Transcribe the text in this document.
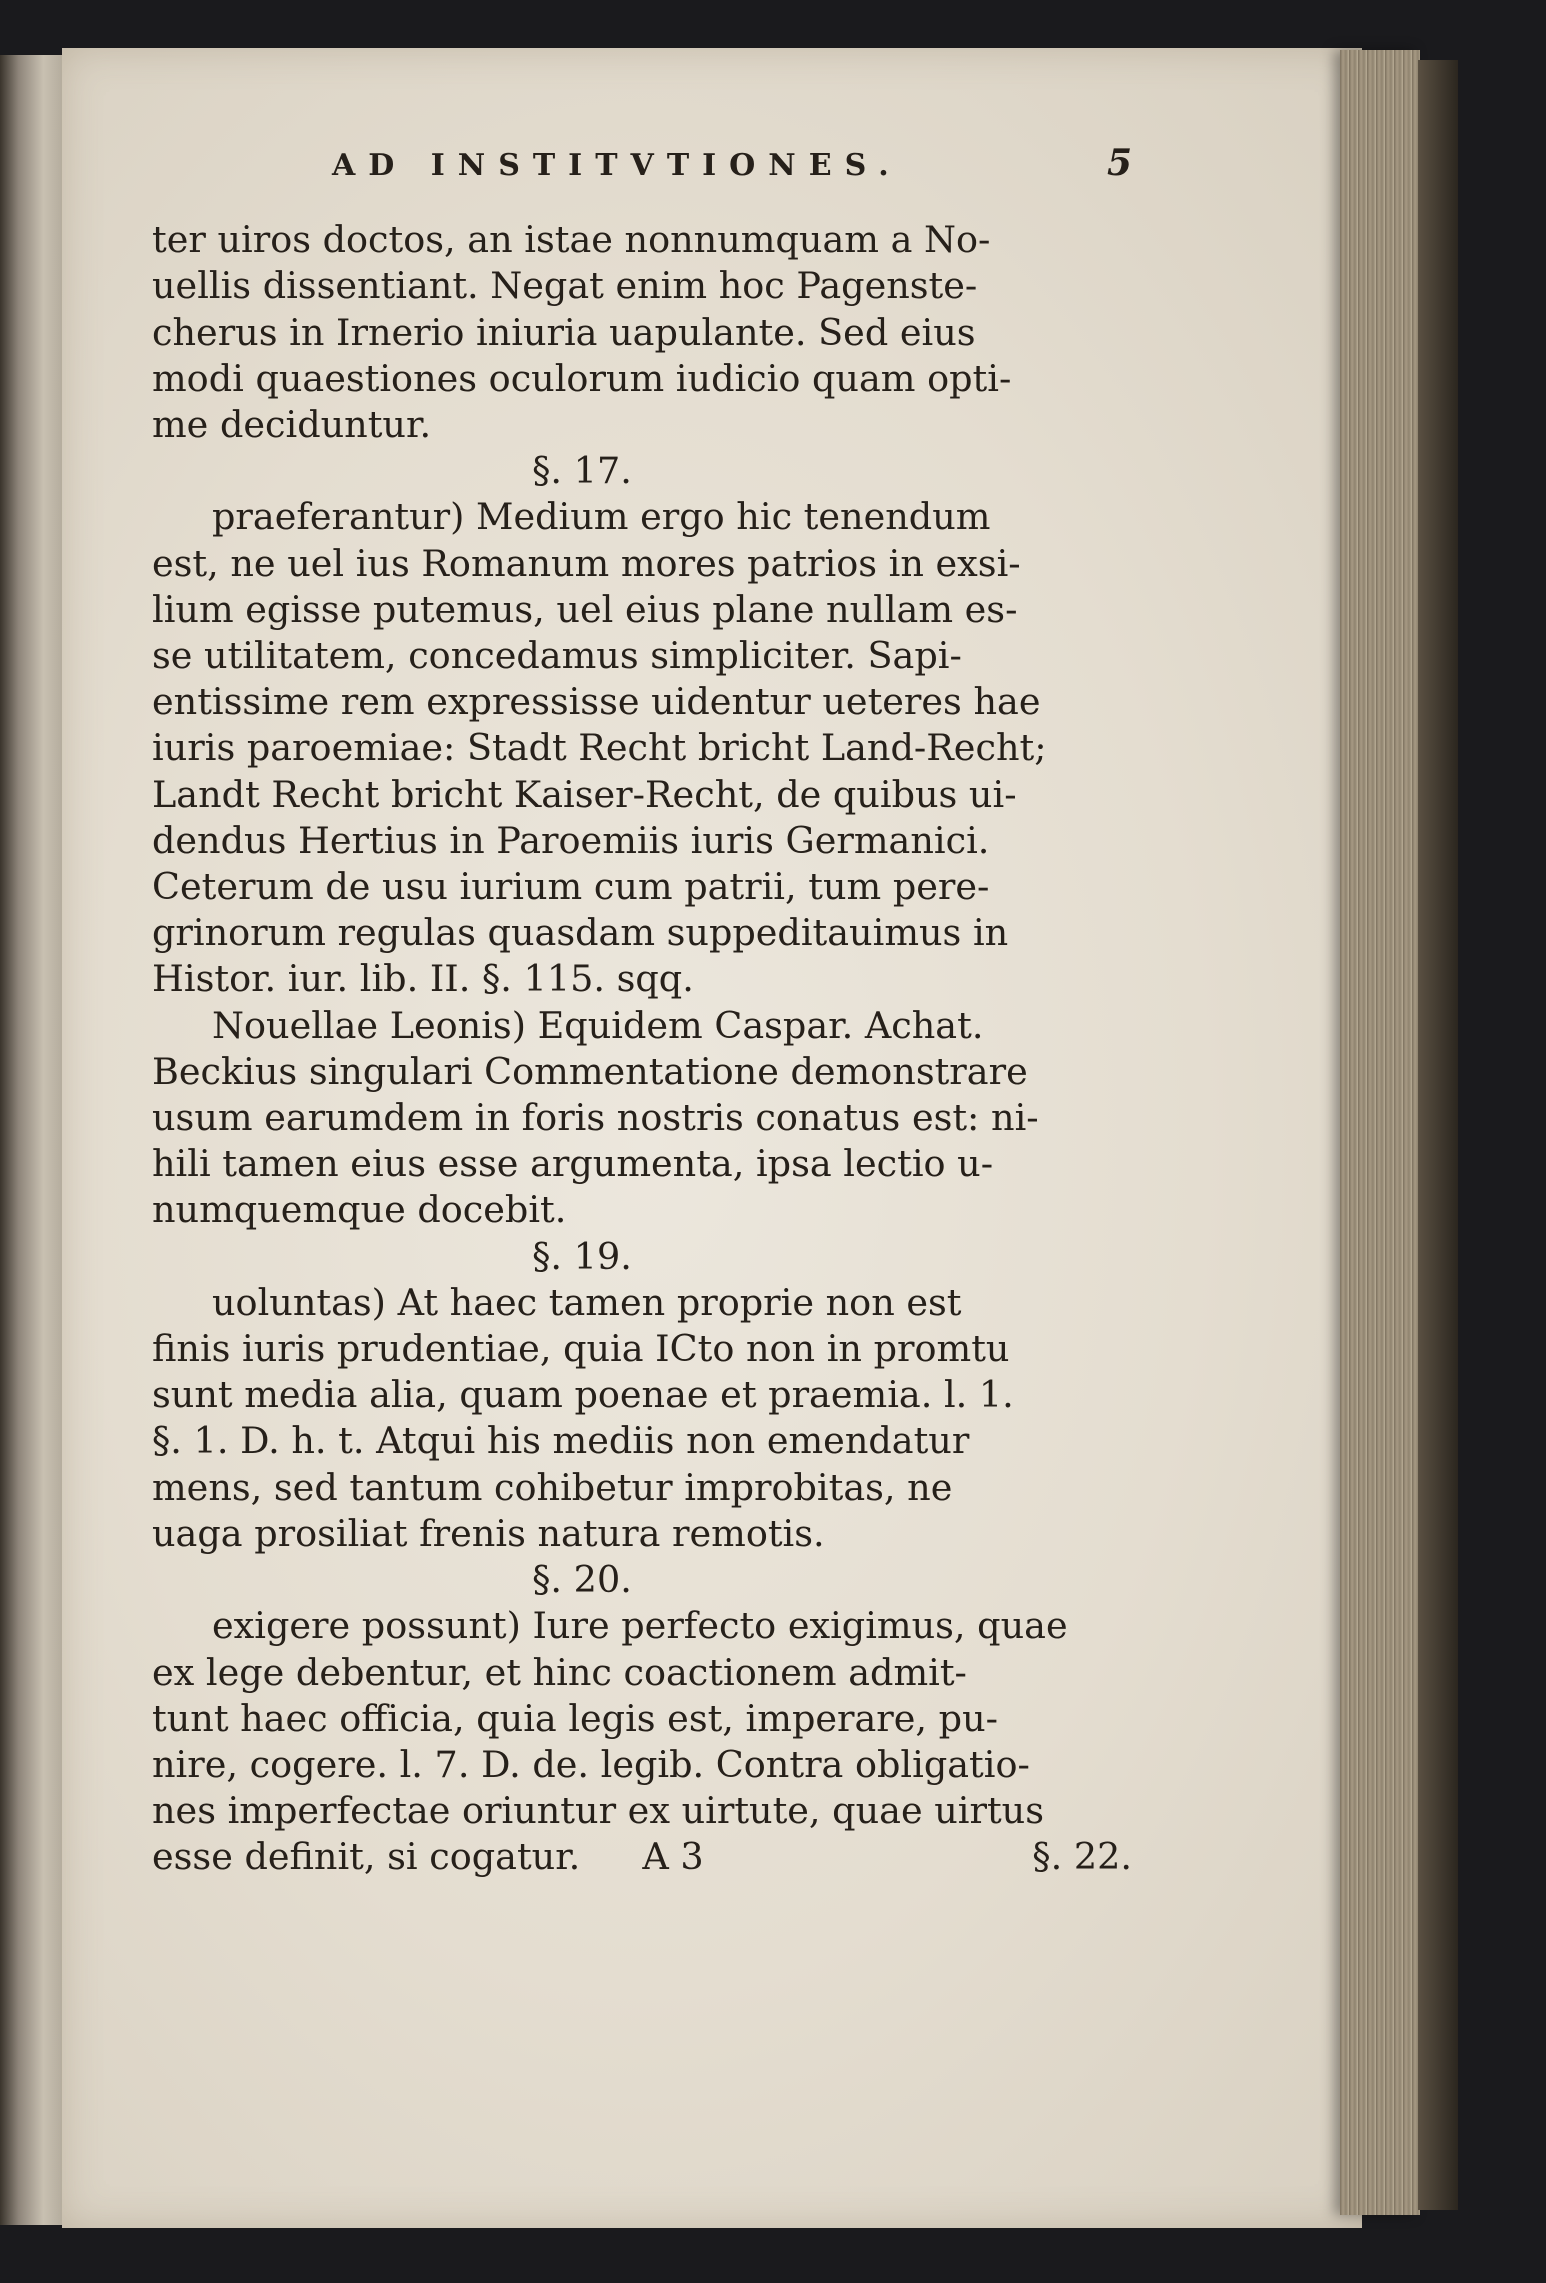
AD INSTITVTIONES.	5
ter uiros doctos, an istae nonnumquam a No-
uellis dissentiant. Negat enim hoc Pagenste-
cherus in Irnerio iniuria uapulante. Sed eius
modi quaestiones oculorum iudicio quam opti-
me deciduntur.
§. 17.
praeferantur) Medium ergo hic tenendum
est, ne uel ius Romanum mores patrios in exsi-
lium egisse putemus, uel eius plane nullam es-
se utilitatem, concedamus simpliciter. Sapi-
entissime rem expressisse uidentur ueteres hae
iuris paroemiae: Stadt Recht bricht Land-Recht;
Landt Recht bricht Kaiser-Recht, de quibus ui-
dendus Hertius in Paroemiis iuris Germanici.
Ceterum de usu iurium cum patrii, tum pere-
grinorum regulas quasdam suppeditauimus in
Histor. iur. lib. II. §. 115. sqq.
Nouellae Leonis) Equidem Caspar. Achat.
Beckius singulari Commentatione demonstrare
usum earumdem in foris nostris conatus est: ni-
hili tamen eius esse argumenta, ipsa lectio u-
numquemque docebit.
§. 19.
uoluntas) At haec tamen proprie non est
finis iuris prudentiae, quia ICto non in promtu
sunt media alia, quam poenae et praemia. l. 1.
§. 1. D. h. t. Atqui his mediis non emendatur
mens, sed tantum cohibetur improbitas, ne
uaga prosiliat frenis natura remotis.
§. 20.
exigere possunt) Iure perfecto exigimus, quae
ex lege debentur, et hinc coactionem admit-
tunt haec officia, quia legis est, imperare, pu-
nire, cogere. l. 7. D. de. legib. Contra obligatio-
nes imperfectae oriuntur ex uirtute, quae uirtus
esse definit, si cogatur. A 3	§. 22.
